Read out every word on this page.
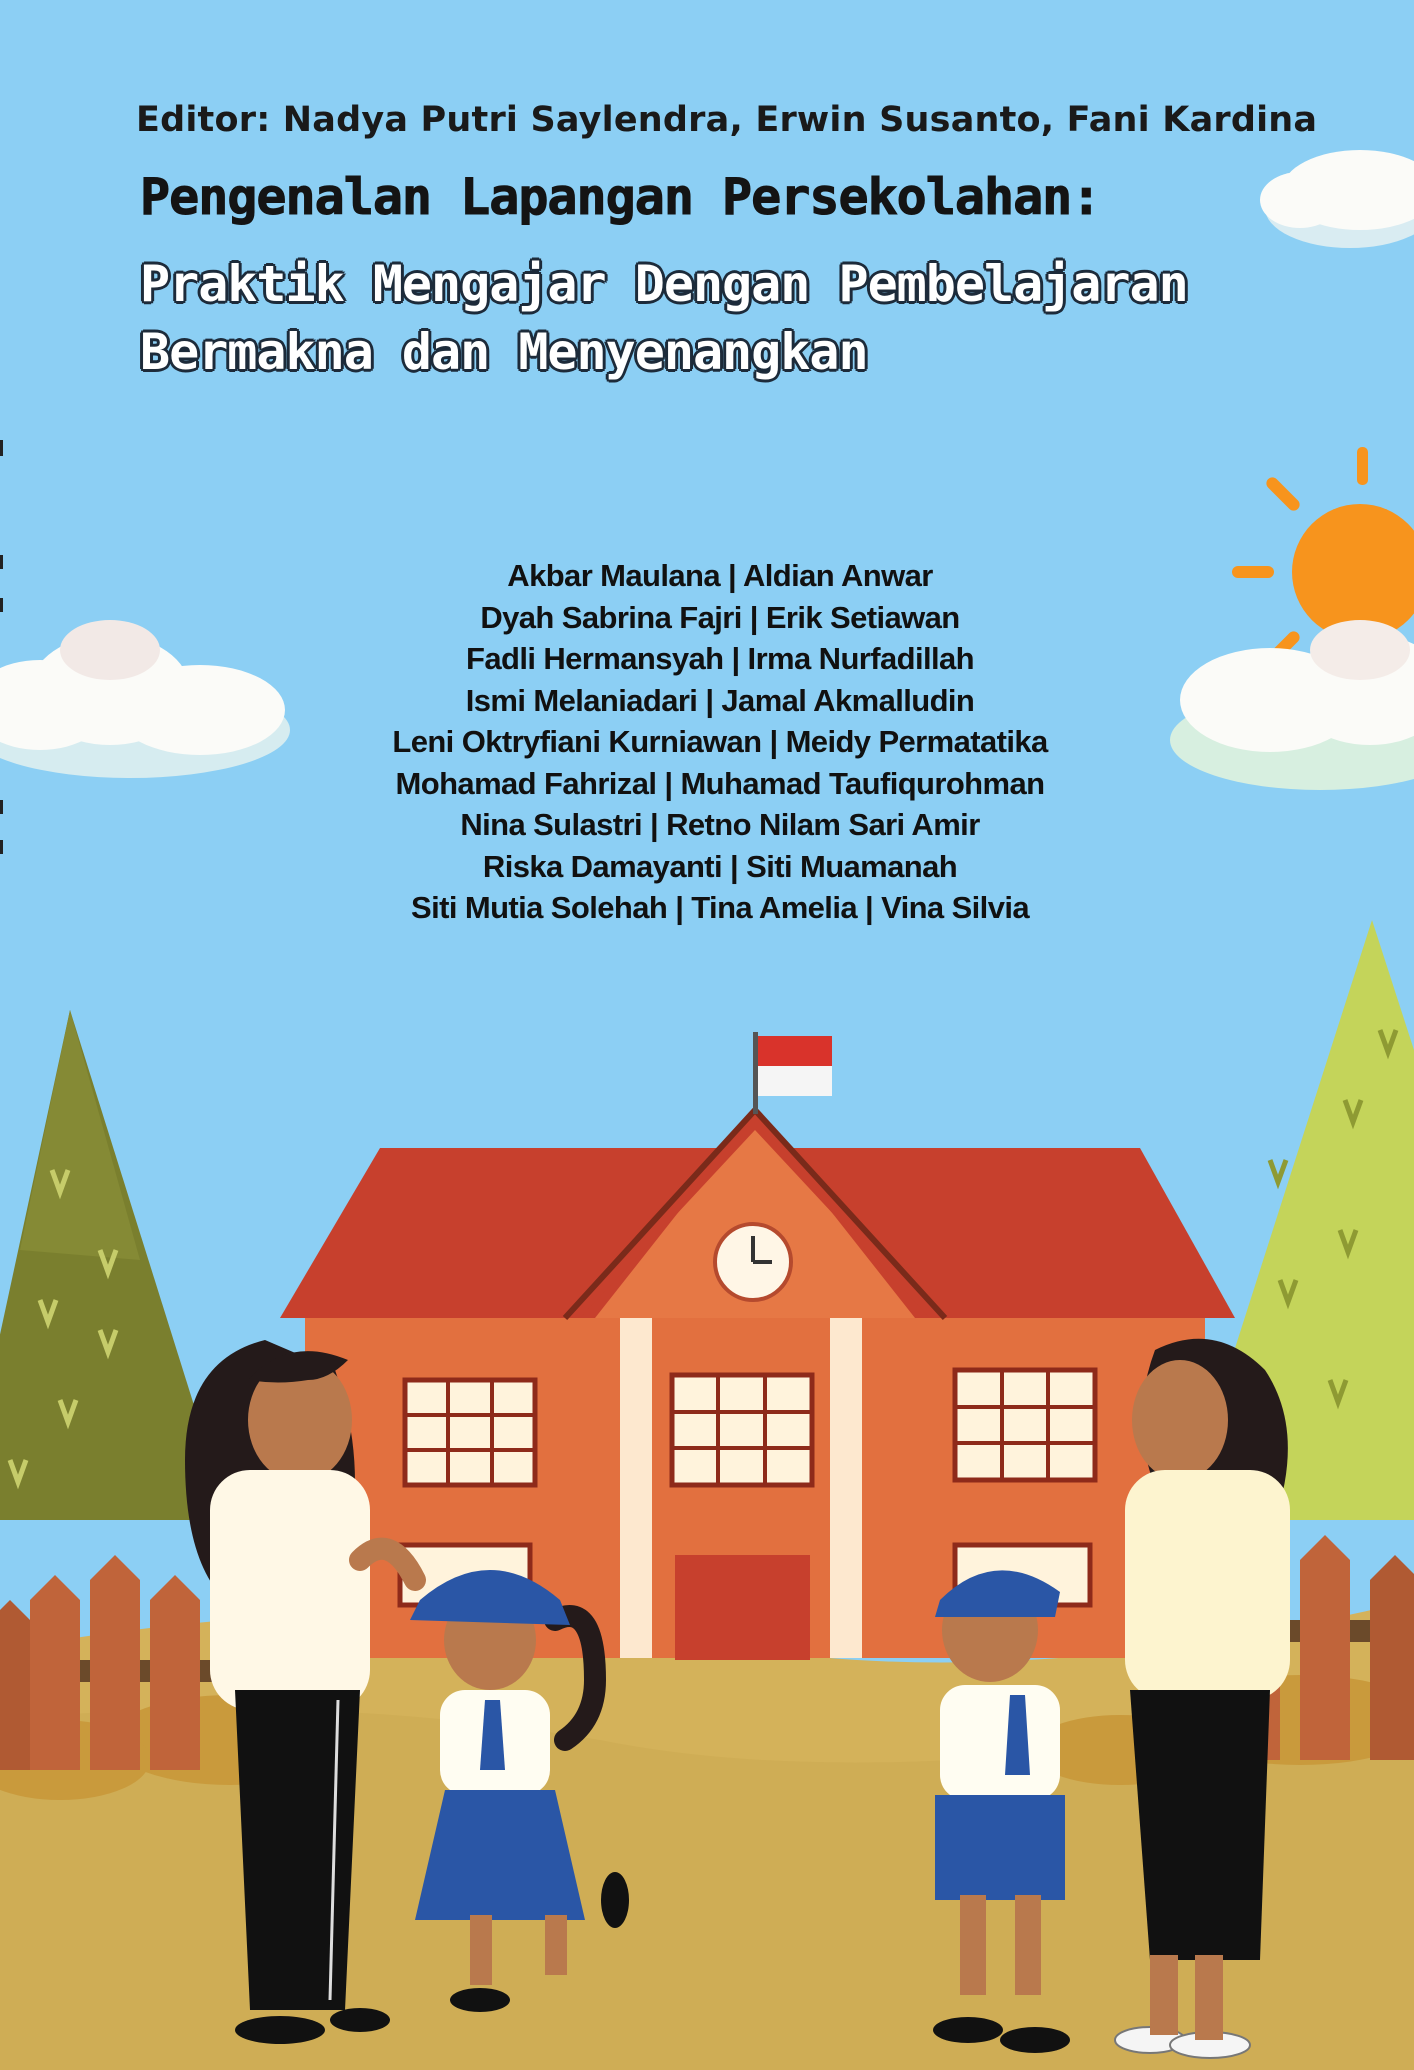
Editor: Nadya Putri Saylendra, Erwin Susanto, Fani Kardina
Pengenalan Lapangan Persekolahan:
Praktik Mengajar Dengan Pembelajaran
Bermakna dan Menyenangkan
Akbar Maulana | Aldian Anwar
Dyah Sabrina Fajri | Erik Setiawan
Fadli Hermansyah | Irma Nurfadillah
Ismi Melaniadari | Jamal Akmalludin
Leni Oktryfiani Kurniawan | Meidy Permatatika
Mohamad Fahrizal | Muhamad Taufiqurohman
Nina Sulastri | Retno Nilam Sari Amir
Riska Damayanti | Siti Muamanah
Siti Mutia Solehah | Tina Amelia | Vina Silvia
